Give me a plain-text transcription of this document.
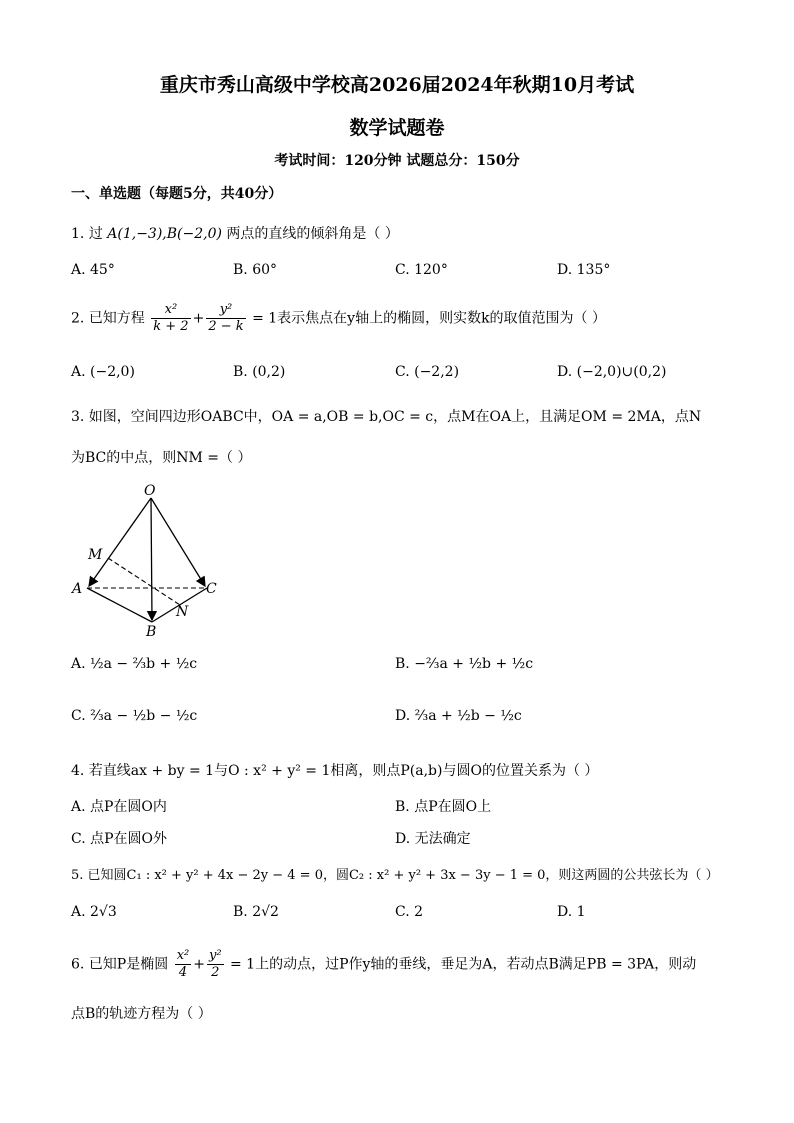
重庆市秀山高级中学校高2026届2024年秋期10月考试
数学试题卷
考试时间：120分钟 试题总分：150分
一、单选题（每题5分，共40分）
1. 过 A(1,−3),B(−2,0) 两点的直线的倾斜角是（ ）
A. 45°	B. 60°	C. 120°	D. 135°
2. 已知方程 $\frac{\text{x²}}{k + 2} + \frac{\text{y²}}{2 - k} = 1$表示焦点在y轴上的椭圆，则实数k的取值范围为（ ）
A. (−2,0)	B. (0,2)	C. (−2,2)	D. (−2,0)∪(0,2)
3. 如图，空间四边形OABC中，OA = a,OB = b,OC = c，点M在OA上，且满足OM = 2MA，点N
为BC的中点，则NM =（ ）
O
M
A	C
N
B
A. ½a − ⅔b + ½c	B. −⅔a + ½b + ½c
C. ⅔a − ½b − ½c	D. ⅔a + ½b − ½c
4. 若直线ax + by = 1与O : x² + y² = 1相离，则点P(a,b)与圆O的位置关系为（ ）
A. 点P在圆O内	B. 点P在圆O上
C. 点P在圆O外	D. 无法确定
5. 已知圆C₁ : x² + y² + 4x − 2y − 4 = 0，圆C₂ : x² + y² + 3x − 3y − 1 = 0，则这两圆的公共弦长为（ ）
A. 2√3	B. 2√2	C. 2	D. 1
6. 已知P是椭圆 $\frac{\text{x²}}{4} + \frac{\text{y²}}{2} = 1$上的动点，过P作y轴的垂线，垂足为A，若动点B满足PB = 3PA，则动
点B的轨迹方程为（ ）
